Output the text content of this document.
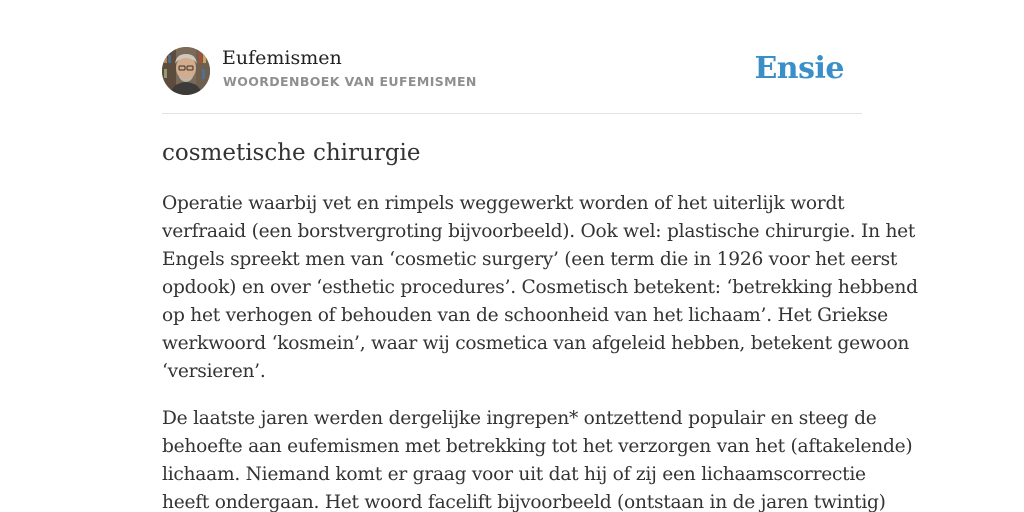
Eufemismen
WOORDENBOEK VAN EUFEMISMEN	Ensie
cosmetische chirurgie

Operatie waarbij vet en rimpels weggewerkt worden of het uiterlijk wordt
verfraaid (een borstvergroting bijvoorbeeld). Ook wel: plastische chirurgie. In het
Engels spreekt men van ‘cosmetic surgery’ (een term die in 1926 voor het eerst
opdook) en over ‘esthetic procedures’. Cosmetisch betekent: ‘betrekking hebbend
op het verhogen of behouden van de schoonheid van het lichaam’. Het Griekse
werkwoord ‘kosmein’, waar wij cosmetica van afgeleid hebben, betekent gewoon
‘versieren’.

De laatste jaren werden dergelijke ingrepen* ontzettend populair en steeg de
behoefte aan eufemismen met betrekking tot het verzorgen van het (aftakelende)
lichaam. Niemand komt er graag voor uit dat hij of zij een lichaamscorrectie
heeft ondergaan. Het woord facelift bijvoorbeeld (ontstaan in de jaren twintig)
